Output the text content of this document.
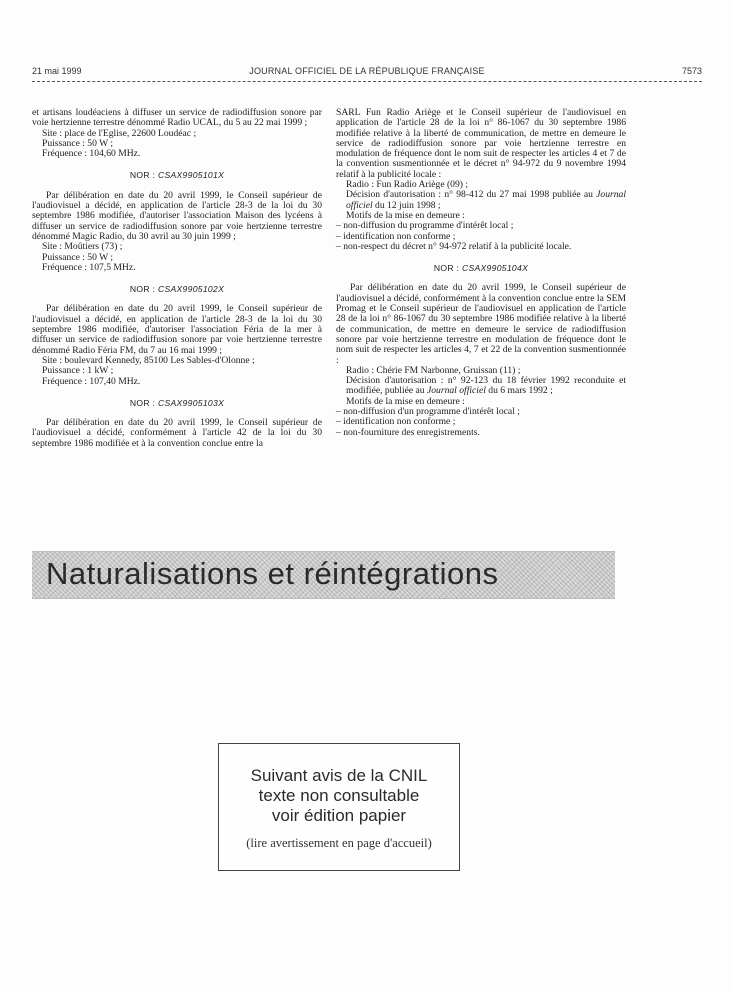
21 mai 1999	JOURNAL OFFICIEL DE LA RÉPUBLIQUE FRANÇAISE	7573

et artisans loudéaciens à diffuser un service de radiodiffusion sonore par voie hertzienne terrestre dénommé Radio UCAL, du 5 au 22 mai 1999 ;

Site : place de l'Eglise, 22600 Loudéac ;

Puissance : 50 W ;

Fréquence : 104,60 MHz.

NOR : CSAX9905101X

Par délibération en date du 20 avril 1999, le Conseil supérieur de l'audiovisuel a décidé, en application de l'article 28-3 de la loi du 30 septembre 1986 modifiée, d'autoriser l'association Maison des lycéens à diffuser un service de radiodiffusion sonore par voie hertzienne terrestre dénommé Magic Radio, du 30 avril au 30 juin 1999 ;

Site : Moûtiers (73) ;

Puissance : 50 W ;

Fréquence : 107,5 MHz.

NOR : CSAX9905102X

Par délibération en date du 20 avril 1999, le Conseil supérieur de l'audiovisuel a décidé, en application de l'article 28-3 de la loi du 30 septembre 1986 modifiée, d'autoriser l'association Féria de la mer à diffuser un service de radiodiffusion sonore par voie hertzienne terrestre dénommé Radio Féria FM, du 7 au 16 mai 1999 ;

Site : boulevard Kennedy, 85100 Les Sables-d'Olonne ;

Puissance : 1 kW ;

Fréquence : 107,40 MHz.

NOR : CSAX9905103X

Par délibération en date du 20 avril 1999, le Conseil supérieur de l'audiovisuel a décidé, conformément à l'article 42 de la loi du 30 septembre 1986 modifiée et à la convention conclue entre la

SARL Fun Radio Ariège et le Conseil supérieur de l'audiovisuel en application de l'article 28 de la loi n° 86-1067 du 30 septembre 1986 modifiée relative à la liberté de communication, de mettre en demeure le service de radiodiffusion sonore par voie hertzienne terrestre en modulation de fréquence dont le nom suit de respecter les articles 4 et 7 de la convention susmentionnée et le décret n° 94-972 du 9 novembre 1994 relatif à la publicité locale :

Radio : Fun Radio Ariège (09) ;

Décision d'autorisation : n° 98-412 du 27 mai 1998 publiée au Journal officiel du 12 juin 1998 ;

Motifs de la mise en demeure :

– non-diffusion du programme d'intérêt local ;

– identification non conforme ;

– non-respect du décret n° 94-972 relatif à la publicité locale.

NOR : CSAX9905104X

Par délibération en date du 20 avril 1999, le Conseil supérieur de l'audiovisuel a décidé, conformément à la convention conclue entre la SEM Promag et le Conseil supérieur de l'audiovisuel en application de l'article 28 de la loi n° 86-1067 du 30 septembre 1986 modifiée relative à la liberté de communication, de mettre en demeure le service de radiodiffusion sonore par voie hertzienne terrestre en modulation de fréquence dont le nom suit de respecter les articles 4, 7 et 22 de la convention susmentionnée :

Radio : Chérie FM Narbonne, Gruissan (11) ;

Décision d'autorisation : n° 92-123 du 18 février 1992 reconduite et modifiée, publiée au Journal officiel du 6 mars 1992 ;

Motifs de la mise en demeure :

– non-diffusion d'un programme d'intérêt local ;

– identification non conforme ;

– non-fourniture des enregistrements.

Naturalisations et réintégrations
Suivant avis de la CNIL
texte non consultable
voir édition papier
(lire avertissement en page d'accueil)
